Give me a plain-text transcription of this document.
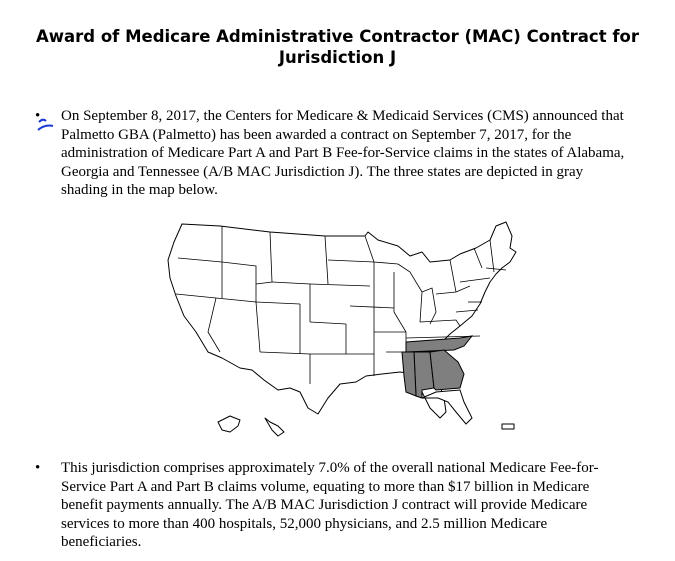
Award of Medicare Administrative Contractor (MAC) Contract for
Jurisdiction J
• On September 8, 2017, the Centers for Medicare & Medicaid Services (CMS) announced that
Palmetto GBA (Palmetto) has been awarded a contract on September 7, 2017, for the
administration of Medicare Part A and Part B Fee-for-Service claims in the states of Alabama,
Georgia and Tennessee (A/B MAC Jurisdiction J). The three states are depicted in gray
shading in the map below.
• This jurisdiction comprises approximately 7.0% of the overall national Medicare Fee-for-
Service Part A and Part B claims volume, equating to more than $17 billion in Medicare
benefit payments annually. The A/B MAC Jurisdiction J contract will provide Medicare
services to more than 400 hospitals, 52,000 physicians, and 2.5 million Medicare
beneficiaries.
